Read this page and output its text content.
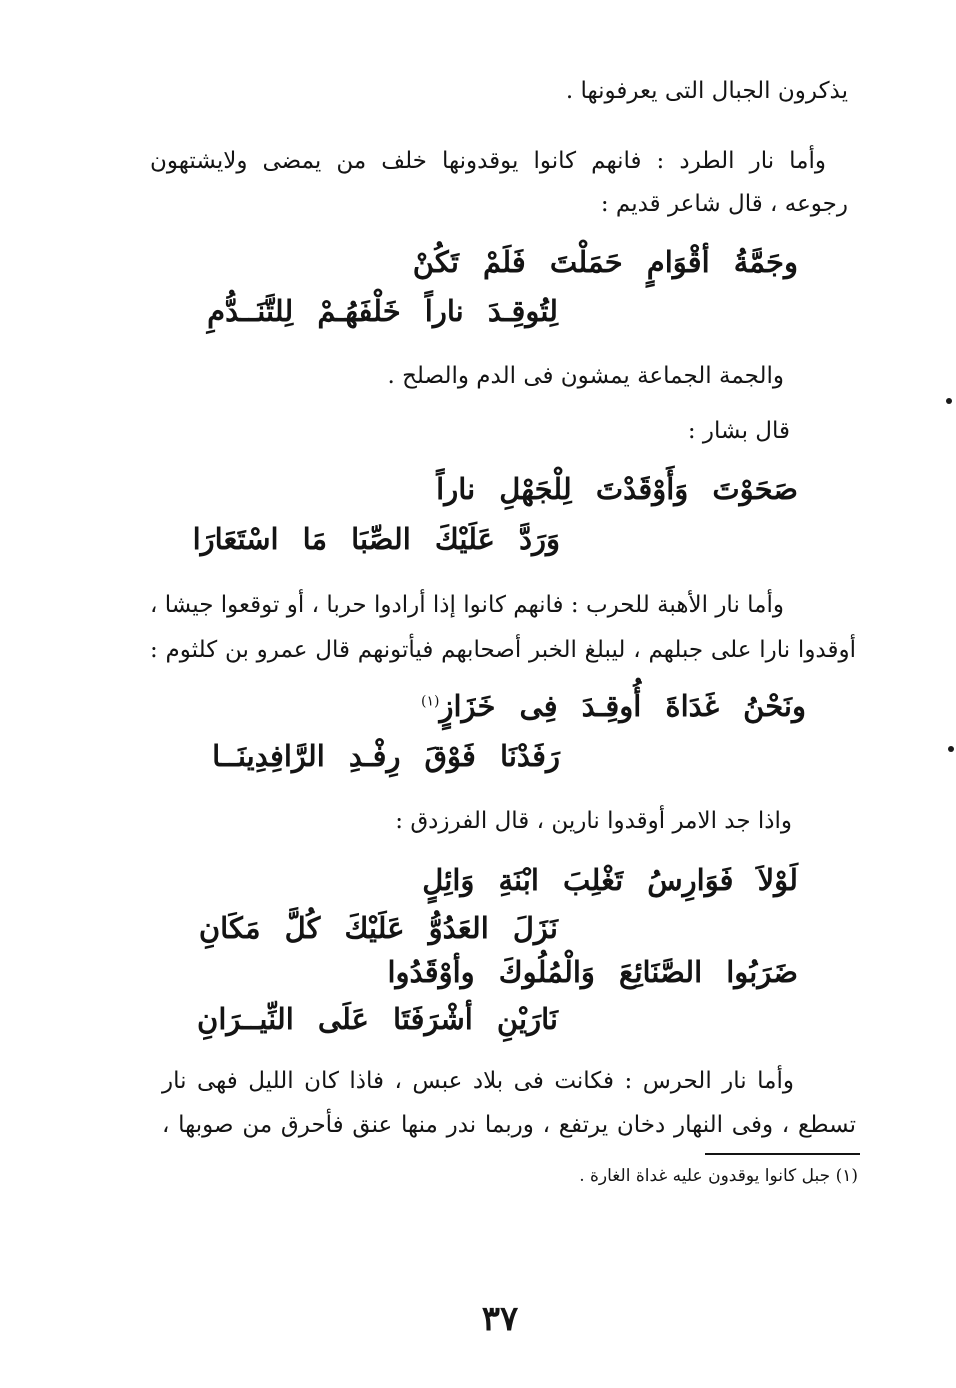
يذكرون الجبال التى يعرفونها .
وأما نار الطرد : فانهم كانوا يوقدونها خلف من يمضى ولايشتهون
رجوعه ، قال شاعر قديم :
وجَمَّةُ أقْوَامٍ حَمَلْتَ فَلَمْ تَكُنْ
لِتُوقِـدَ ناراً خَلْفَهُـمْ لِلتَّنَــدُّمِ
والجمة الجماعة يمشون فى الدم والصلح .
قال بشار :
صَحَوْتَ وَأَوْقَدْتَ لِلْجَهْلِ ناراً
وَرَدَّ عَلَيْكَ الصِّبَا مَا اسْتَعَارَا
وأما نار الأهبة للحرب : فانهم كانوا إذا أرادوا حربا ، أو توقعوا جيشا ،
أوقدوا نارا على جبلهم ، ليبلغ الخبر أصحابهم فيأتونهم قال عمرو بن كلثوم :
ونَحْنُ غَدَاةَ أُوقِـدَ فِى خَزَازٍ$^{(١)}$
رَفَدْنَا فَوْقَ رِفْـدِ الرَّافِدِينَــا
واذا جد الامر أوقدوا نارين ، قال الفرزدق :
لَوْلاَ فَوَارِسُ تَغْلِبَ ابْنَةِ وَائِلٍ
نَزَلَ العَدُوُّ عَلَيْكَ كُلَّ مَكَانِ
ضَرَبُوا الصَّنَائِعَ وَالْمُلُوكَ وأوْقَدُوا
نَارَيْنِ أشْرَفَتَا عَلَى النِّيــرَانِ
وأما نار الحرس : فكانت فى بلاد عبس ، فاذا كان الليل فهى نار
تسطع ، وفى النهار دخان يرتفع ، وربما ندر منها عنق فأحرق من صوبها ،
(١) جبل كانوا يوقدون عليه غداة الغارة .
٣٧
